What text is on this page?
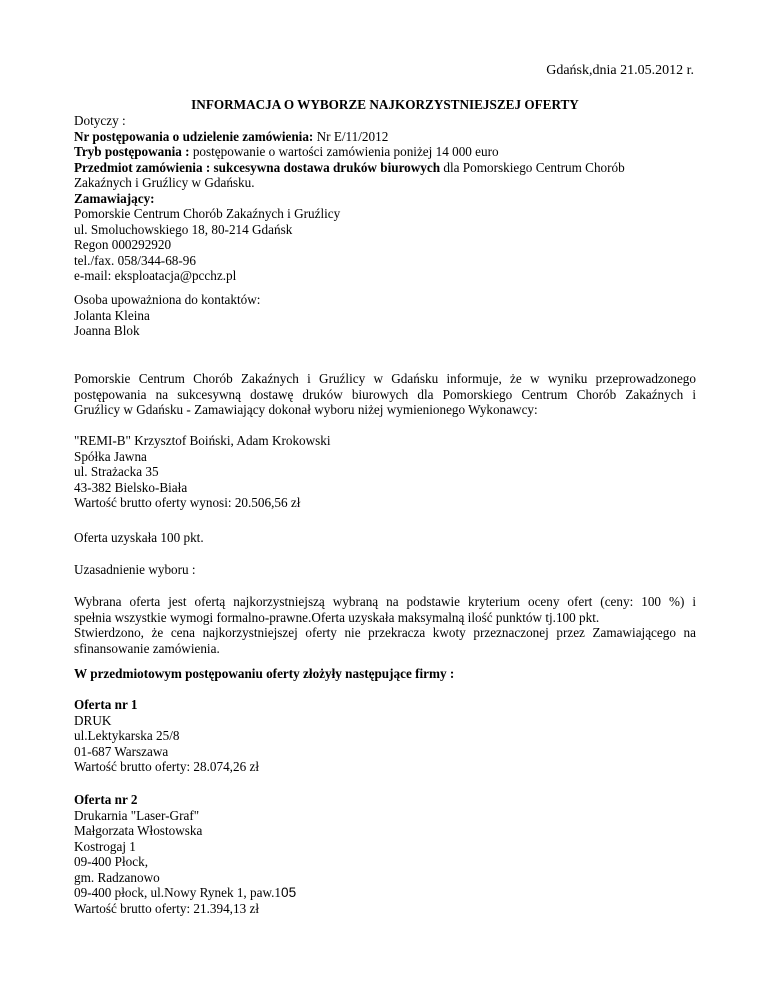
Gdańsk,dnia 21.05.2012 r.
INFORMACJA O WYBORZE NAJKORZYSTNIEJSZEJ OFERTY
Dotyczy :
Nr postępowania o udzielenie zamówienia: Nr E/11/2012
Tryb postępowania : postępowanie o wartości zamówienia poniżej 14 000 euro
Przedmiot zamówienia : sukcesywna dostawa druków biurowych dla Pomorskiego Centrum Chorób
Zakaźnych i Gruźlicy w Gdańsku.
Zamawiający:
Pomorskie Centrum Chorób Zakaźnych i Gruźlicy
ul. Smoluchowskiego 18, 80-214 Gdańsk
Regon 000292920
tel./fax. 058/344-68-96
e-mail: eksploatacja@pcchz.pl
Osoba upoważniona do kontaktów:
Jolanta Kleina
Joanna Blok
Pomorskie Centrum Chorób Zakaźnych i Gruźlicy w Gdańsku informuje, że w wyniku przeprowadzonego
postępowania na sukcesywną dostawę druków biurowych dla Pomorskiego Centrum Chorób Zakaźnych i
Gruźlicy w Gdańsku - Zamawiający dokonał wyboru niżej wymienionego Wykonawcy:
"REMI-B" Krzysztof Boiński, Adam Krokowski
Spółka Jawna
ul. Strażacka 35
43-382 Bielsko-Biała
Wartość brutto oferty wynosi: 20.506,56 zł
Oferta uzyskała 100 pkt.
Uzasadnienie wyboru :
Wybrana oferta jest ofertą najkorzystniejszą wybraną na podstawie kryterium oceny ofert (ceny: 100 %) i
spełnia wszystkie wymogi formalno-prawne.Oferta uzyskała maksymalną ilość punktów tj.100 pkt.
Stwierdzono, że cena najkorzystniejszej oferty nie przekracza kwoty przeznaczonej przez Zamawiającego na
sfinansowanie zamówienia.
W przedmiotowym postępowaniu oferty złożyły następujące firmy :
Oferta nr 1
DRUK
ul.Lektykarska 25/8
01-687 Warszawa
Wartość brutto oferty: 28.074,26 zł
Oferta nr 2
Drukarnia "Laser-Graf"
Małgorzata Włostowska
Kostrogaj 1
09-400 Płock,
gm. Radzanowo
09-400 płock, ul.Nowy Rynek 1, paw.105
Wartość brutto oferty: 21.394,13 zł
